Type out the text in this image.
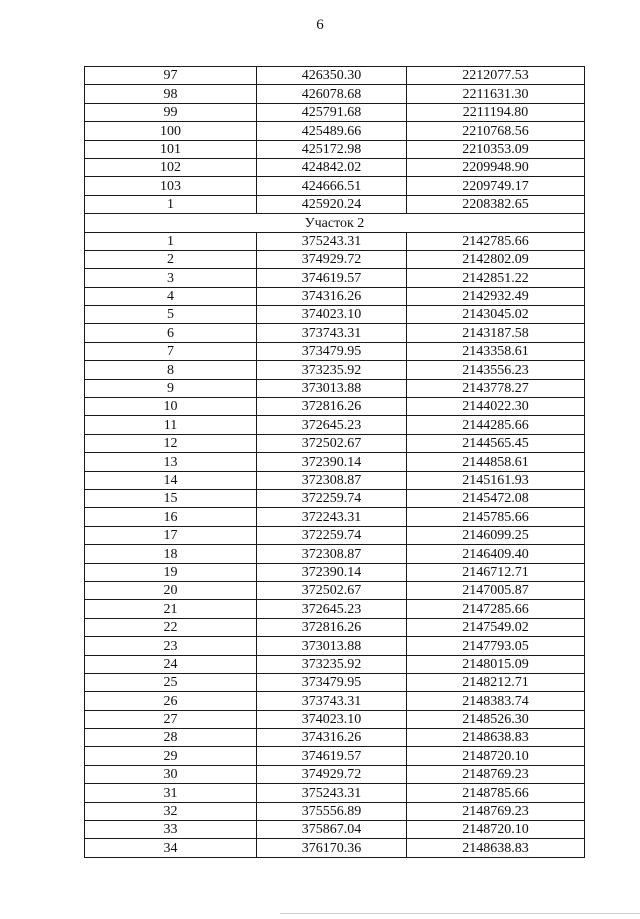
6
97	426350.30	2212077.53
98	426078.68	2211631.30
99	425791.68	2211194.80
100	425489.66	2210768.56
101	425172.98	2210353.09
102	424842.02	2209948.90
103	424666.51	2209749.17
1	425920.24	2208382.65
Участок 2		
1	375243.31	2142785.66
2	374929.72	2142802.09
3	374619.57	2142851.22
4	374316.26	2142932.49
5	374023.10	2143045.02
6	373743.31	2143187.58
7	373479.95	2143358.61
8	373235.92	2143556.23
9	373013.88	2143778.27
10	372816.26	2144022.30
11	372645.23	2144285.66
12	372502.67	2144565.45
13	372390.14	2144858.61
14	372308.87	2145161.93
15	372259.74	2145472.08
16	372243.31	2145785.66
17	372259.74	2146099.25
18	372308.87	2146409.40
19	372390.14	2146712.71
20	372502.67	2147005.87
21	372645.23	2147285.66
22	372816.26	2147549.02
23	373013.88	2147793.05
24	373235.92	2148015.09
25	373479.95	2148212.71
26	373743.31	2148383.74
27	374023.10	2148526.30
28	374316.26	2148638.83
29	374619.57	2148720.10
30	374929.72	2148769.23
31	375243.31	2148785.66
32	375556.89	2148769.23
33	375867.04	2148720.10
34	376170.36	2148638.83
